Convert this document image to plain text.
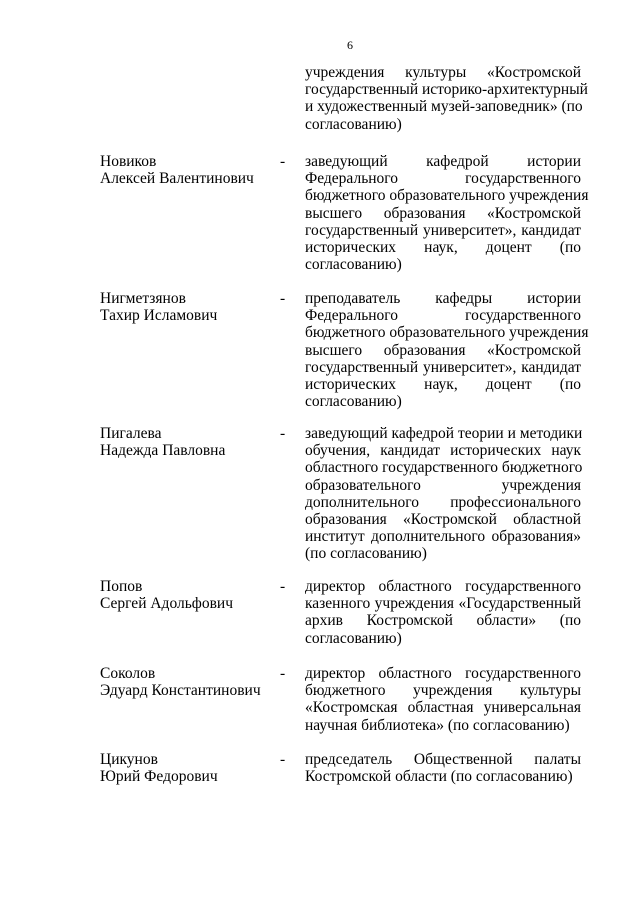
6
учреждения культуры «Костромской
государственный историко-архитектурный
и художественный музей-заповедник» (по
согласованию)
Новиков
Алексей Валентинович
- заведующий кафедрой истории
Федерального государственного
бюджетного образовательного учреждения
высшего образования «Костромской
государственный университет», кандидат
исторических наук, доцент (по
согласованию)
Нигметзянов
Тахир Исламович
- преподаватель кафедры истории
Федерального государственного
бюджетного образовательного учреждения
высшего образования «Костромской
государственный университет», кандидат
исторических наук, доцент (по
согласованию)
Пигалева
Надежда Павловна
- заведующий кафедрой теории и методики
обучения, кандидат исторических наук
областного государственного бюджетного
образовательного учреждения
дополнительного профессионального
образования «Костромской областной
институт дополнительного образования»
(по согласованию)
Попов
Сергей Адольфович
- директор областного государственного
казенного учреждения «Государственный
архив Костромской области» (по
согласованию)
Соколов
Эдуард Константинович
- директор областного государственного
бюджетного учреждения культуры
«Костромская областная универсальная
научная библиотека» (по согласованию)
Цикунов
Юрий Федорович
- председатель Общественной палаты
Костромской области (по согласованию)
